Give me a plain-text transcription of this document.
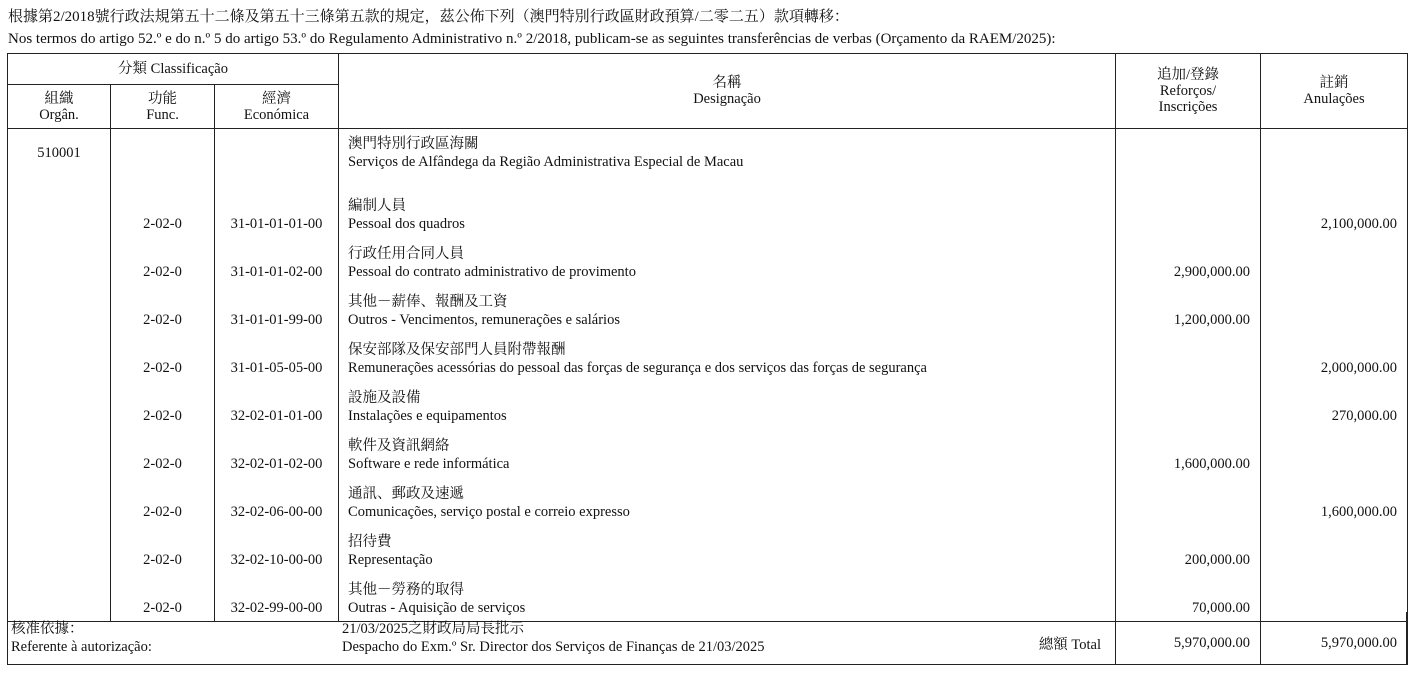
根據第2/2018號行政法規第五十二條及第五十三條第五款的規定，茲公佈下列（澳門特別行政區財政預算/二零二五）款項轉移：
Nos termos do artigo 52.º e do n.º 5 do artigo 53.º do Regulamento Administrativo n.º 2/2018, publicam-se as seguintes transferências de verbas (Orçamento da RAEM/2025):
分類 Classificação			名稱
Designação	追加/登錄
Reforços/
Inscrições	註銷
Anulações

組織
Orgân.	功能
Func.	經濟
Económica			

510001			澳門特別行政區海關
Serviços de Alfândega da Região Administrativa Especial de Macau		

	2-02-0	31-01-01-01-00	編制人員
Pessoal dos quadros		2,100,000.00
	2-02-0	31-01-01-02-00	行政任用合同人員
Pessoal do contrato administrativo de provimento	2,900,000.00	
	2-02-0	31-01-01-99-00	其他－薪俸、報酬及工資
Outros - Vencimentos, remunerações e salários	1,200,000.00	
	2-02-0	31-01-05-05-00	保安部隊及保安部門人員附帶報酬
Remunerações acessórias do pessoal das forças de segurança e dos serviços das forças de segurança		2,000,000.00
	2-02-0	32-02-01-01-00	設施及設備
Instalações e equipamentos		270,000.00
	2-02-0	32-02-01-02-00	軟件及資訊網絡
Software e rede informática	1,600,000.00	
	2-02-0	32-02-06-00-00	通訊、郵政及速遞
Comunicações, serviço postal e correio expresso		1,600,000.00
	2-02-0	32-02-10-00-00	招待費
Representação	200,000.00	
	2-02-0	32-02-99-00-00	其他－勞務的取得
Outras - Aquisição de serviços	70,000.00	
總額 Total				5,970,000.00	5,970,000.00
核准依據：
Referente à autorização:
21/03/2025之財政局局長批示
Despacho do Exm.º Sr. Director dos Serviços de Finanças de 21/03/2025
